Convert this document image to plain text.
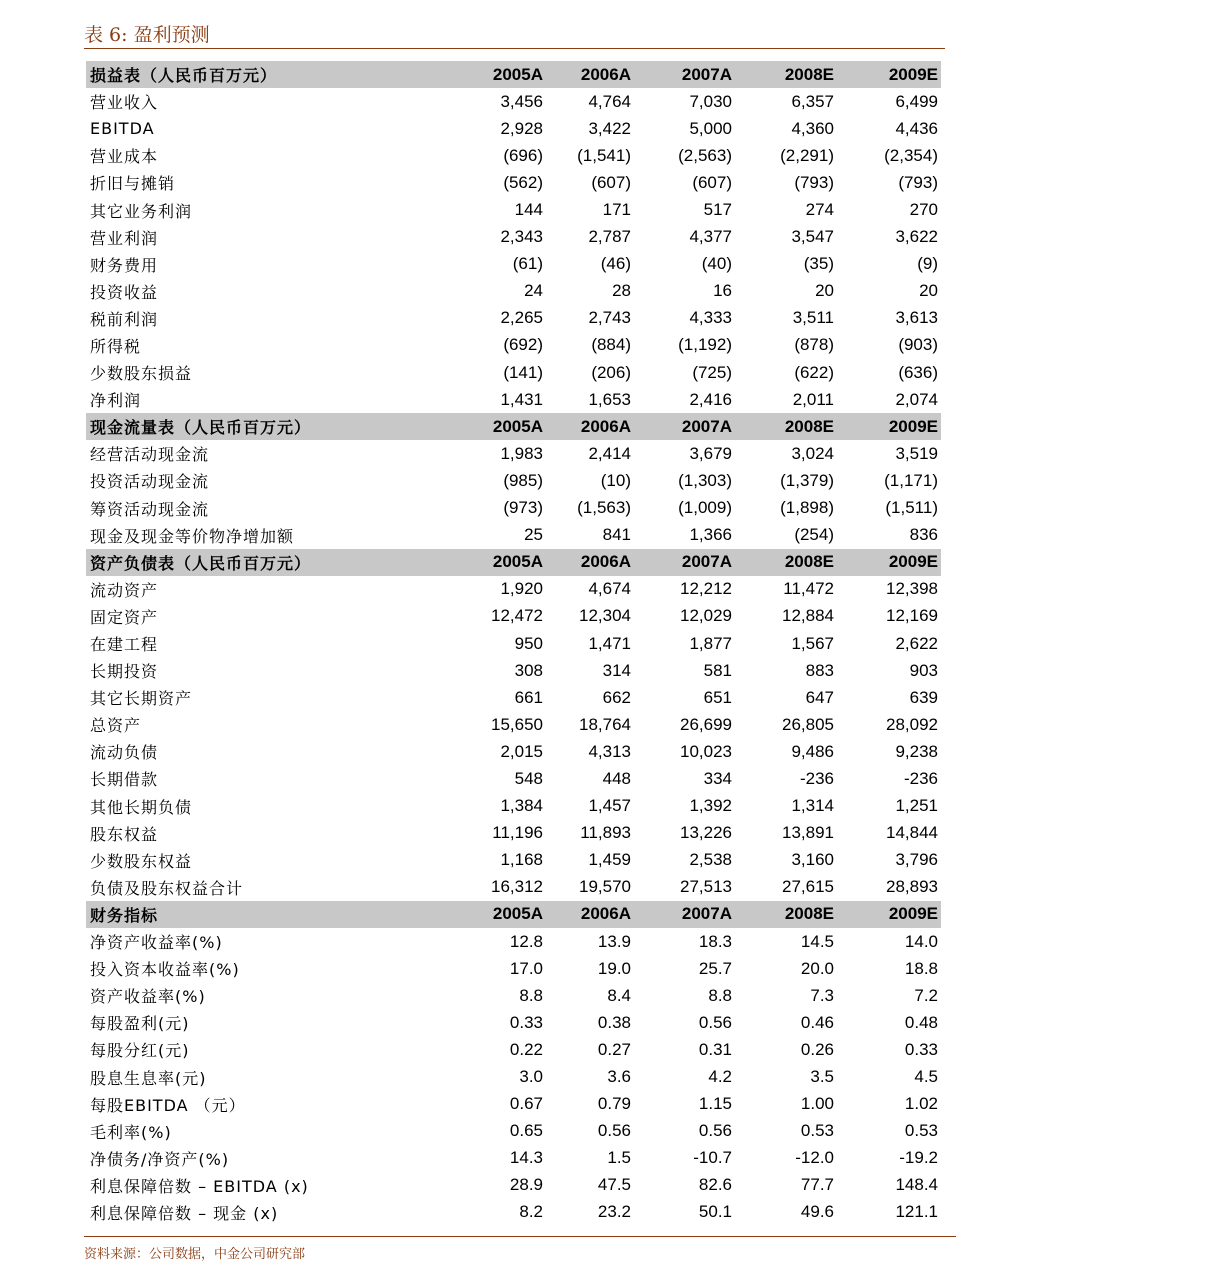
表 6: 盈利预测
损益表（人民币百万元）	2005A	2006A	2007A	2008E	2009E
营业收入	3,456	4,764	7,030	6,357	6,499
EBITDA	2,928	3,422	5,000	4,360	4,436
营业成本	(696)	(1,541)	(2,563)	(2,291)	(2,354)
折旧与摊销	(562)	(607)	(607)	(793)	(793)
其它业务利润	144	171	517	274	270
营业利润	2,343	2,787	4,377	3,547	3,622
财务费用	(61)	(46)	(40)	(35)	(9)
投资收益	24	28	16	20	20
税前利润	2,265	2,743	4,333	3,511	3,613
所得税	(692)	(884)	(1,192)	(878)	(903)
少数股东损益	(141)	(206)	(725)	(622)	(636)
净利润	1,431	1,653	2,416	2,011	2,074
现金流量表（人民币百万元）	2005A	2006A	2007A	2008E	2009E
经营活动现金流	1,983	2,414	3,679	3,024	3,519
投资活动现金流	(985)	(10)	(1,303)	(1,379)	(1,171)
筹资活动现金流	(973)	(1,563)	(1,009)	(1,898)	(1,511)
现金及现金等价物净增加额	25	841	1,366	(254)	836
资产负债表（人民币百万元）	2005A	2006A	2007A	2008E	2009E
流动资产	1,920	4,674	12,212	11,472	12,398
固定资产	12,472	12,304	12,029	12,884	12,169
在建工程	950	1,471	1,877	1,567	2,622
长期投资	308	314	581	883	903
其它长期资产	661	662	651	647	639
总资产	15,650	18,764	26,699	26,805	28,092
流动负债	2,015	4,313	10,023	9,486	9,238
长期借款	548	448	334	-236	-236
其他长期负债	1,384	1,457	1,392	1,314	1,251
股东权益	11,196	11,893	13,226	13,891	14,844
少数股东权益	1,168	1,459	2,538	3,160	3,796
负债及股东权益合计	16,312	19,570	27,513	27,615	28,893
财务指标	2005A	2006A	2007A	2008E	2009E
净资产收益率(%)	12.8	13.9	18.3	14.5	14.0
投入资本收益率(%)	17.0	19.0	25.7	20.0	18.8
资产收益率(%)	8.8	8.4	8.8	7.3	7.2
每股盈利(元)	0.33	0.38	0.56	0.46	0.48
每股分红(元)	0.22	0.27	0.31	0.26	0.33
股息生息率(元)	3.0	3.6	4.2	3.5	4.5
每股EBITDA （元）	0.67	0.79	1.15	1.00	1.02
毛利率(%)	0.65	0.56	0.56	0.53	0.53
净债务/净资产(%)	14.3	1.5	-10.7	-12.0	-19.2
利息保障倍数 – EBITDA (x)	28.9	47.5	82.6	77.7	148.4
利息保障倍数 – 现金 (x)	8.2	23.2	50.1	49.6	121.1
资料来源：公司数据，中金公司研究部
